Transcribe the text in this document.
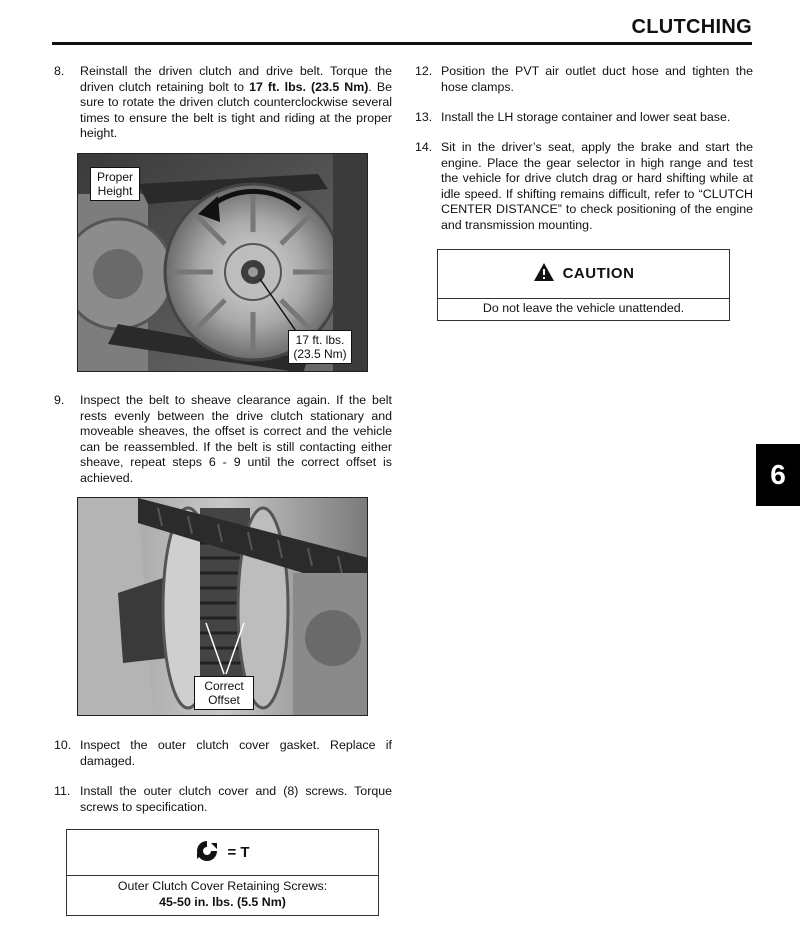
CLUTCHING
6
8.	Reinstall the driven clutch and drive belt. Torque the driven clutch retaining bolt to 17 ft. lbs. (23.5 Nm). Be sure to rotate the driven clutch counterclockwise several times to ensure the belt is tight and riding at the proper height.

Proper
Height
17 ft. lbs.
(23.5 Nm)
9.	Inspect the belt to sheave clearance again. If the belt rests evenly between the drive clutch stationary and moveable sheaves, the offset is correct and the vehicle can be reassembled. If the belt is still contacting either sheave, repeat steps 6 - 9 until the correct offset is achieved.

Correct
Offset
10. Inspect the outer clutch cover gasket. Replace if damaged.

11. Install the outer clutch cover and (8) screws. Torque screws to specification.

= T
Outer Clutch Cover Retaining Screws:
45-50 in. lbs. (5.5 Nm)
12. Position the PVT air outlet duct hose and tighten the hose clamps.

13. Install the LH storage container and lower seat base.

14. Sit in the driver’s seat, apply the brake and start the engine. Place the gear selector in high range and test the vehicle for drive clutch drag or hard shifting while at idle speed. If shifting remains difficult, refer to “CLUTCH CENTER DISTANCE” to check positioning of the engine and transmission mounting.

CAUTION
Do not leave the vehicle unattended.
